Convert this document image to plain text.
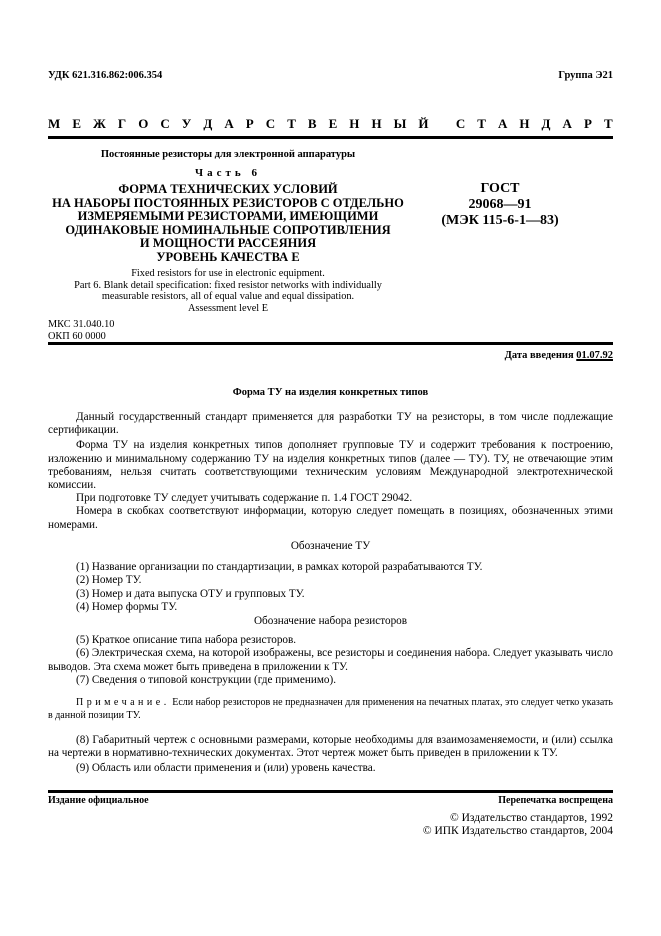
УДК 621.316.862:006.354	Группа Э21
М Е Ж Г О С У Д А Р С Т В Е Н Н Ы Й
С Т А Н Д А Р Т
Постоянные резисторы для электронной аппаратуры
Часть 6
ФОРМА ТЕХНИЧЕСКИХ УСЛОВИЙ
НА НАБОРЫ ПОСТОЯННЫХ РЕЗИСТОРОВ С ОТДЕЛЬНО
ИЗМЕРЯЕМЫМИ РЕЗИСТОРАМИ, ИМЕЮЩИМИ
ОДИНАКОВЫЕ НОМИНАЛЬНЫЕ СОПРОТИВЛЕНИЯ
И МОЩНОСТИ РАССЕЯНИЯ
УРОВЕНЬ КАЧЕСТВА Е
ГОСТ
29068—91
(МЭК 115-6-1—83)
Fixed resistors for use in electronic equipment.
Part 6. Blank detail specification: fixed resistor networks with individually
measurable resistors, all of equal value and equal dissipation.
Assessment level E
МКС 31.040.10
ОКП 60 0000
Дата введения 01.07.92
Форма ТУ на изделия конкретных типов

Данный государственный стандарт применяется для разработки ТУ на резисторы, в том числе подлежащие сертификации.

Форма ТУ на изделия конкретных типов дополняет групповые ТУ и содержит требования к построению, изложению и минимальному содержанию ТУ на изделия конкретных типов (далее — ТУ). ТУ, не отвечающие этим требованиям, нельзя считать соответствующими техническим условиям Международной электротехнической комиссии.

При подготовке ТУ следует учитывать содержание п. 1.4 ГОСТ 29042.

Номера в скобках соответствуют информации, которую следует помещать в позициях, обозначенных этими номерами.

Обозначение ТУ

(1) Название организации по стандартизации, в рамках которой разрабатываются ТУ.

(2) Номер ТУ.

(3) Номер и дата выпуска ОТУ и групповых ТУ.

(4) Номер формы ТУ.

Обозначение набора резисторов

(5) Краткое описание типа набора резисторов.

(6) Электрическая схема, на которой изображены, все резисторы и соединения набора. Следует указывать число выводов. Эта схема может быть приведена в приложении к ТУ.

(7) Сведения о типовой конструкции (где применимо).

Примечание. Если набор резисторов не предназначен для применения на печатных платах, это следует четко указать в данной позиции ТУ.

(8) Габаритный чертеж с основными размерами, которые необходимы для взаимозаменяемости, и (или) ссылка на чертежи в нормативно-технических документах. Этот чертеж может быть приведен в приложении к ТУ.

(9) Область или области применения и (или) уровень качества.

Издание официальное	Перепечатка воспрещена
© Издательство стандартов, 1992
© ИПК Издательство стандартов, 2004
